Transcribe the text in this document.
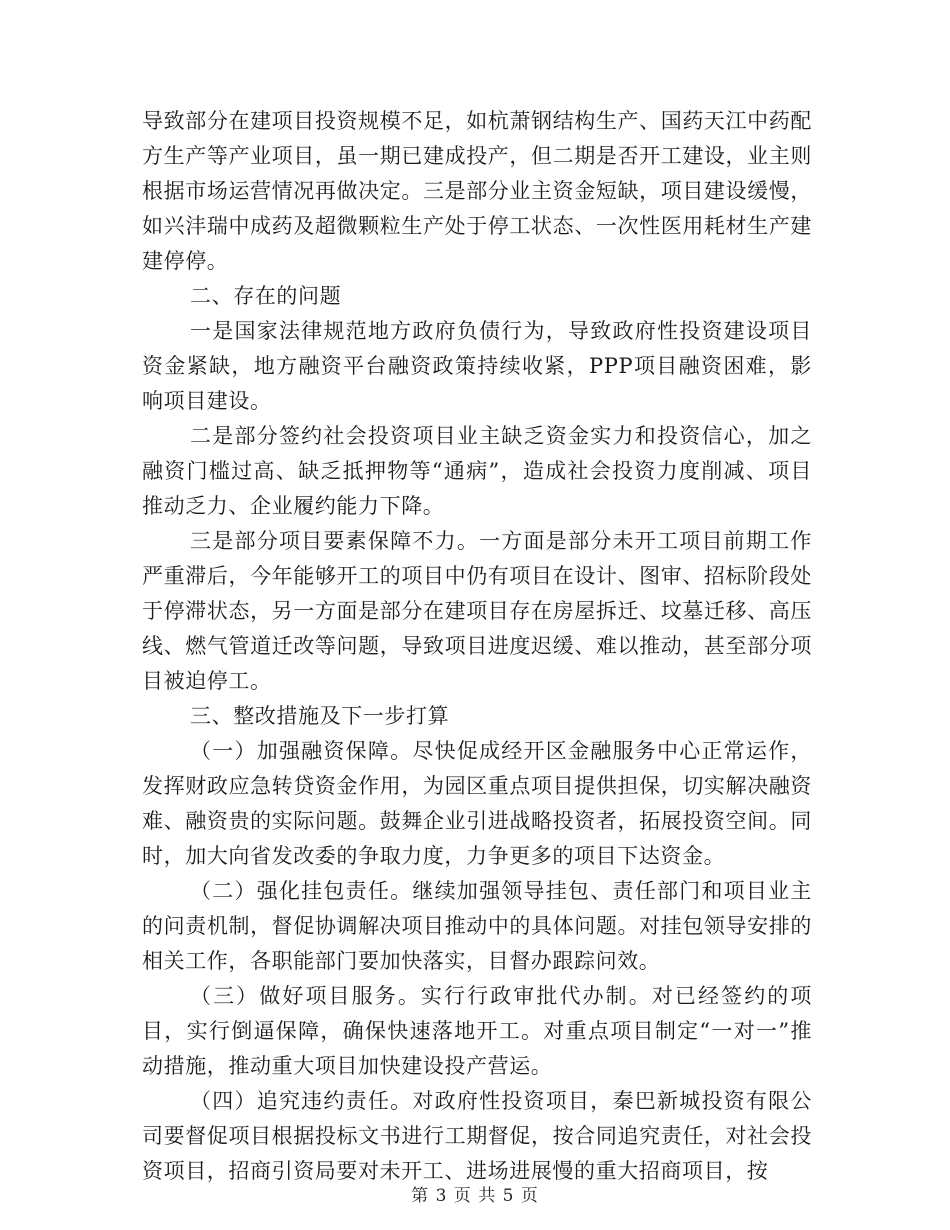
导致部分在建项目投资规模不足，如杭萧钢结构生产、国药天江中药配方生产等产业项目，虽一期已建成投产，但二期是否开工建设，业主则根据市场运营情况再做决定。三是部分业主资金短缺，项目建设缓慢，如兴沣瑞中成药及超微颗粒生产处于停工状态、一次性医用耗材生产建建停停。

二、存在的问题

一是国家法律规范地方政府负债行为，导致政府性投资建设项目资金紧缺，地方融资平台融资政策持续收紧，PPP项目融资困难，影响项目建设。

二是部分签约社会投资项目业主缺乏资金实力和投资信心，加之融资门槛过高、缺乏抵押物等“通病”，造成社会投资力度削减、项目推动乏力、企业履约能力下降。

三是部分项目要素保障不力。一方面是部分未开工项目前期工作严重滞后，今年能够开工的项目中仍有项目在设计、图审、招标阶段处于停滞状态，另一方面是部分在建项目存在房屋拆迁、坟墓迁移、高压线、燃气管道迁改等问题，导致项目进度迟缓、难以推动，甚至部分项目被迫停工。

三、整改措施及下一步打算

（一）加强融资保障。尽快促成经开区金融服务中心正常运作，发挥财政应急转贷资金作用，为园区重点项目提供担保，切实解决融资难、融资贵的实际问题。鼓舞企业引进战略投资者，拓展投资空间。同时，加大向省发改委的争取力度，力争更多的项目下达资金。

（二）强化挂包责任。继续加强领导挂包、责任部门和项目业主的问责机制，督促协调解决项目推动中的具体问题。对挂包领导安排的相关工作，各职能部门要加快落实，目督办跟踪问效。

（三）做好项目服务。实行行政审批代办制。对已经签约的项目，实行倒逼保障，确保快速落地开工。对重点项目制定“一对一”推动措施，推动重大项目加快建设投产营运。

（四）追究违约责任。对政府性投资项目，秦巴新城投资有限公司要督促项目根据投标文书进行工期督促，按合同追究责任，对社会投资项目，招商引资局要对未开工、进场进展慢的重大招商项目，按

第 3 页 共 5 页
